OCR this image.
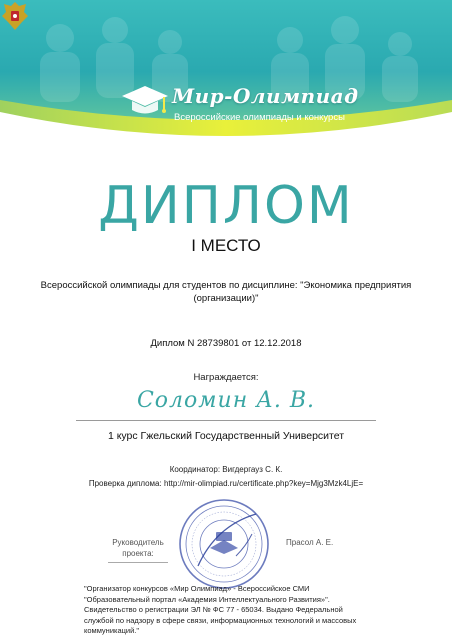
Мир-Олимпиад
Всероссийские олимпиады и конкурсы
ДИПЛОМ
I МЕСТО
Всероссийской олимпиады для студентов по дисциплине: "Экономика предприятия (организации)"
Диплом N 28739801 от 12.12.2018
Награждается:
Соломин А. В.
1 курс Гжельский Государственный Университет
Координатор: Вигдергауз С. К.
Проверка диплома: http://mir-olimpiad.ru/certificate.php?key=Mjg3Mzk4LjE=
Руководитель проекта:
Прасол А. Е.
"Организатор конкурсов «Мир Олимпиад» - Всероссийское СМИ "Образовательный портал «Академия Интеллектуального Развития»". Свидетельство о регистрации ЭЛ № ФС 77 - 65034. Выдано Федеральной службой по надзору в сфере связи, информационных технологий и массовых коммуникаций."
